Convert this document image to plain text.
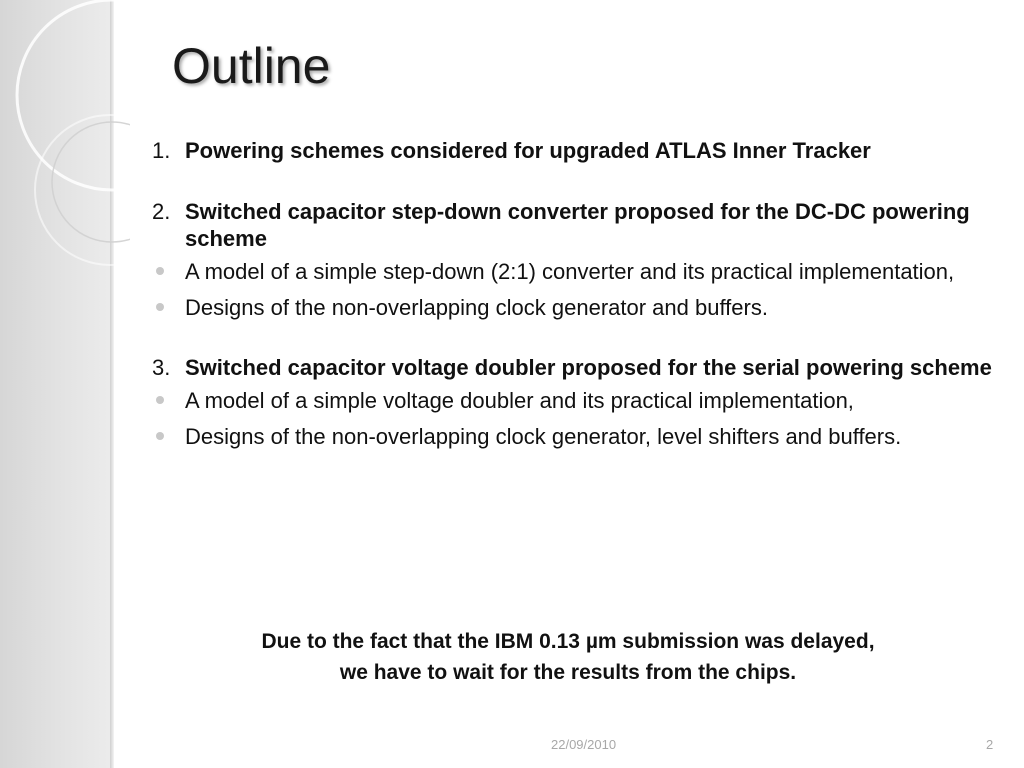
Outline
1. Powering schemes considered for upgraded ATLAS Inner Tracker
2. Switched capacitor step-down converter proposed for the DC-DC powering scheme
A model of a simple step-down (2:1) converter and its practical implementation,
Designs of the non-overlapping clock generator and buffers.
3. Switched capacitor voltage doubler proposed for the serial powering scheme
A model of a simple voltage doubler and its practical implementation,
Designs of the non-overlapping clock generator, level shifters and buffers.
Due to the fact that the IBM 0.13 µm submission was delayed,
we have to wait for the results from the chips.
22/09/2010	2
